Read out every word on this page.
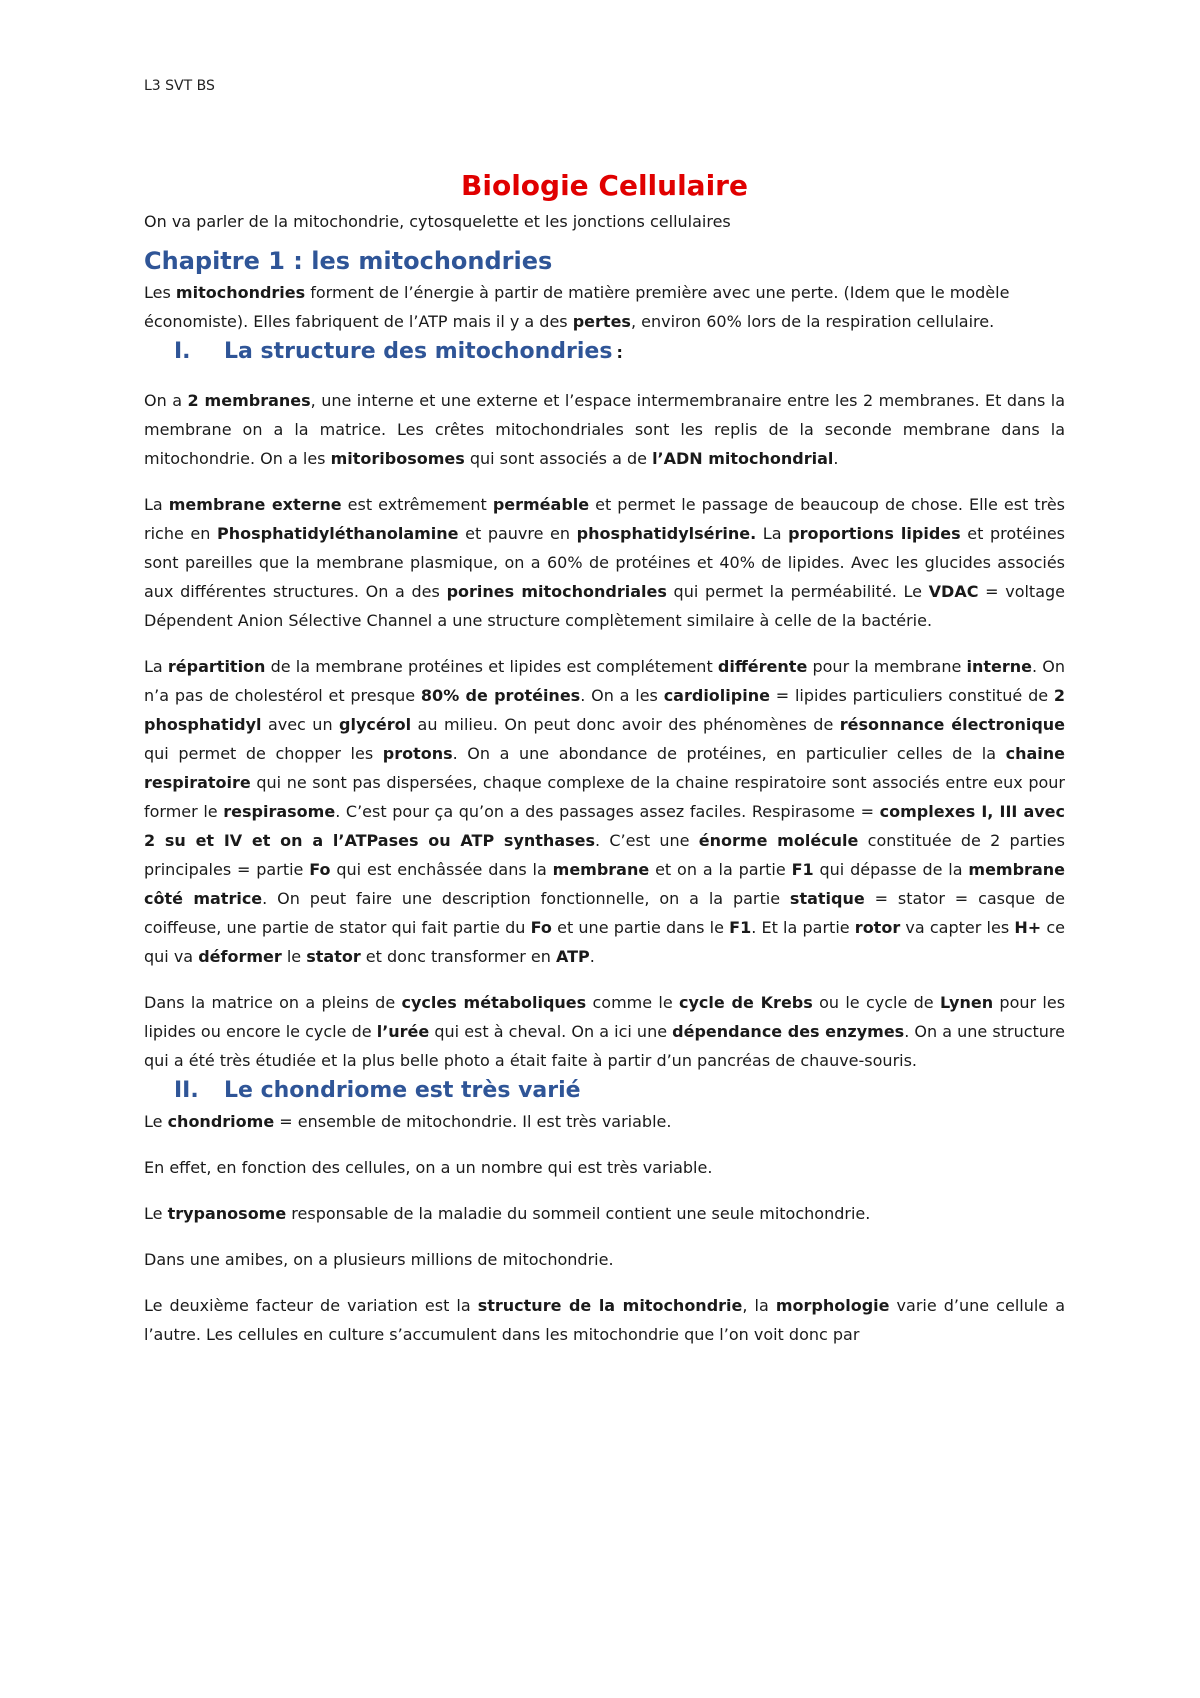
L3 SVT BS
Biologie Cellulaire

On va parler de la mitochondrie, cytosquelette et les jonctions cellulaires

Chapitre 1 : les mitochondries

Les mitochondries forment de l’énergie à partir de matière première avec une perte. (Idem que le modèle économiste). Elles fabriquent de l’ATP mais il y a des pertes, environ 60% lors de la respiration cellulaire.

I.	La structure des mitochondries :

On a 2 membranes, une interne et une externe et l’espace intermembranaire entre les 2 membranes. Et dans la membrane on a la matrice. Les crêtes mitochondriales sont les replis de la seconde membrane dans la mitochondrie. On a les mitoribosomes qui sont associés a de l’ADN mitochondrial.

La membrane externe est extrêmement perméable et permet le passage de beaucoup de chose. Elle est très riche en Phosphatidyléthanolamine et pauvre en phosphatidylsérine. La proportions lipides et protéines sont pareilles que la membrane plasmique, on a 60% de protéines et 40% de lipides. Avec les glucides associés aux différentes structures. On a des porines mitochondriales qui permet la perméabilité. Le VDAC = voltage Dépendent Anion Sélective Channel a une structure complètement similaire à celle de la bactérie.

La répartition de la membrane protéines et lipides est complétement différente pour la membrane interne. On n’a pas de cholestérol et presque 80% de protéines. On a les cardiolipine = lipides particuliers constitué de 2 phosphatidyl avec un glycérol au milieu. On peut donc avoir des phénomènes de résonnance électronique qui permet de chopper les protons. On a une abondance de protéines, en particulier celles de la chaine respiratoire qui ne sont pas dispersées, chaque complexe de la chaine respiratoire sont associés entre eux pour former le respirasome. C’est pour ça qu’on a des passages assez faciles. Respirasome = complexes I, III avec 2 su et IV et on a l’ATPases ou ATP synthases. C’est une énorme molécule constituée de 2 parties principales = partie Fo qui est enchâssée dans la membrane et on a la partie F1 qui dépasse de la membrane côté matrice. On peut faire une description fonctionnelle, on a la partie statique = stator = casque de coiffeuse, une partie de stator qui fait partie du Fo et une partie dans le F1. Et la partie rotor va capter les H+ ce qui va déformer le stator et donc transformer en ATP.

Dans la matrice on a pleins de cycles métaboliques comme le cycle de Krebs ou le cycle de Lynen pour les lipides ou encore le cycle de l’urée qui est à cheval. On a ici une dépendance des enzymes. On a une structure qui a été très étudiée et la plus belle photo a était faite à partir d’un pancréas de chauve-souris.

II.	Le chondriome est très varié

Le chondriome = ensemble de mitochondrie. Il est très variable.

En effet, en fonction des cellules, on a un nombre qui est très variable.

Le trypanosome responsable de la maladie du sommeil contient une seule mitochondrie.

Dans une amibes, on a plusieurs millions de mitochondrie.

Le deuxième facteur de variation est la structure de la mitochondrie, la morphologie varie d’une cellule a l’autre. Les cellules en culture s’accumulent dans les mitochondrie que l’on voit donc par
